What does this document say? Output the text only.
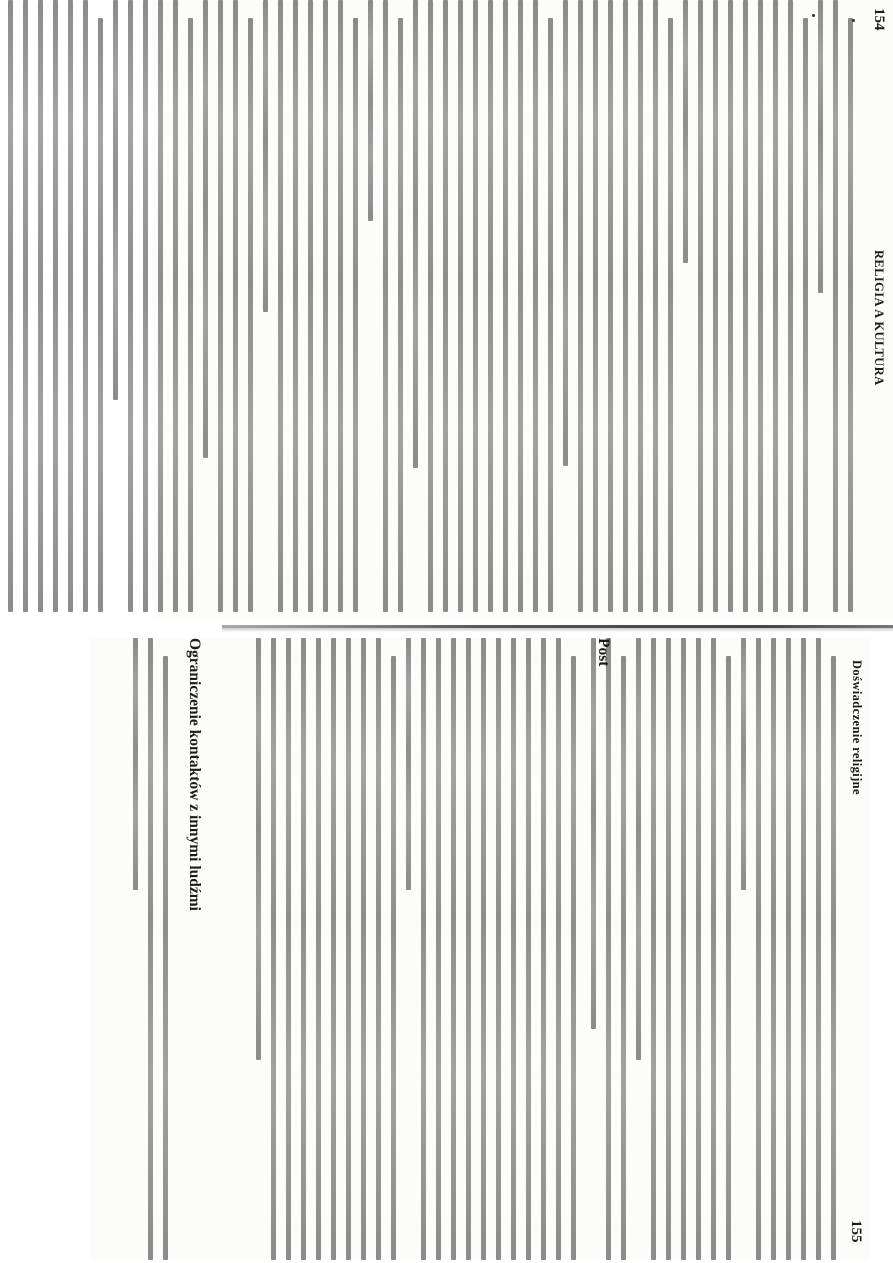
154
RELIGIA A KULTURA
Doświadczenie religijne
155
Post
Ograniczenie kontaktów z innymi ludźmi
